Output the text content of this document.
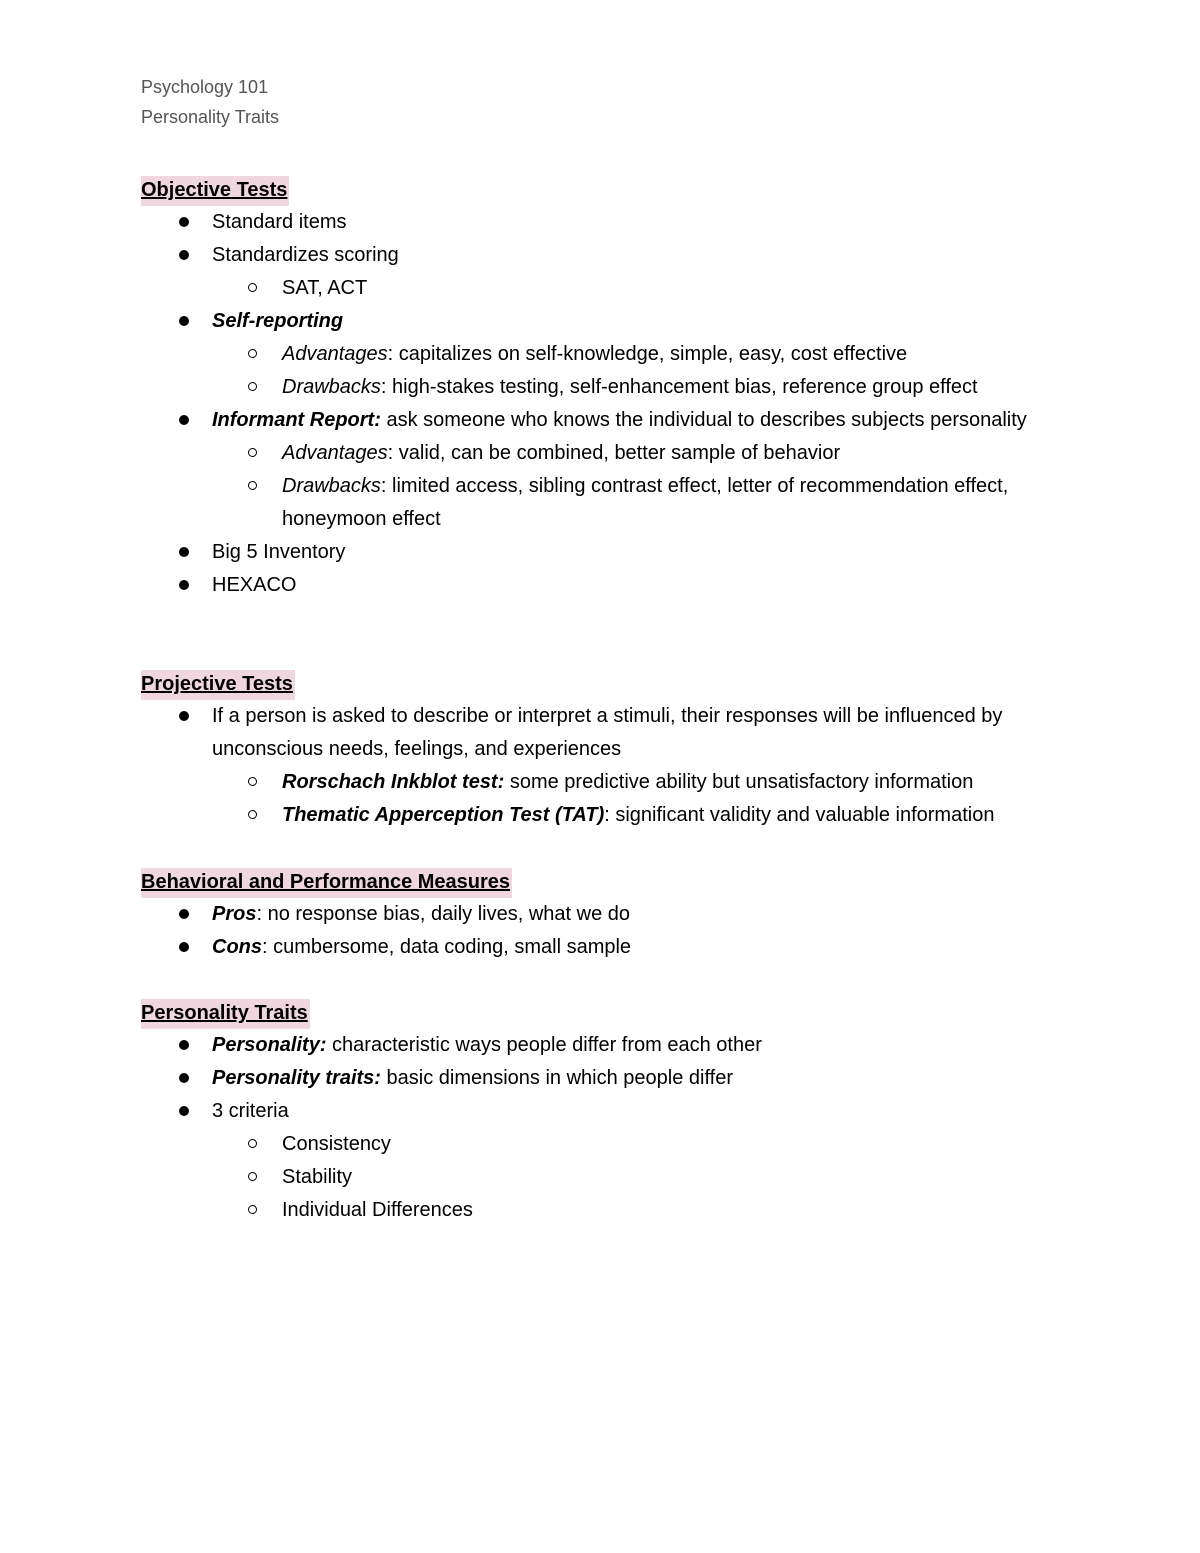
Psychology 101
Personality Traits
Objective Tests
Standard items
Standardizes scoring
SAT, ACT
Self-reporting
Advantages: capitalizes on self-knowledge, simple, easy, cost effective
Drawbacks: high-stakes testing, self-enhancement bias, reference group effect
Informant Report: ask someone who knows the individual to describes subjects personality
Advantages: valid, can be combined, better sample of behavior
Drawbacks: limited access, sibling contrast effect, letter of recommendation effect, honeymoon effect
Big 5 Inventory
HEXACO
Projective Tests
If a person is asked to describe or interpret a stimuli, their responses will be influenced by unconscious needs, feelings, and experiences
Rorschach Inkblot test: some predictive ability but unsatisfactory information
Thematic Apperception Test (TAT): significant validity and valuable information
Behavioral and Performance Measures
Pros: no response bias, daily lives, what we do
Cons: cumbersome, data coding, small sample
Personality Traits
Personality: characteristic ways people differ from each other
Personality traits: basic dimensions in which people differ
3 criteria
Consistency
Stability
Individual Differences
